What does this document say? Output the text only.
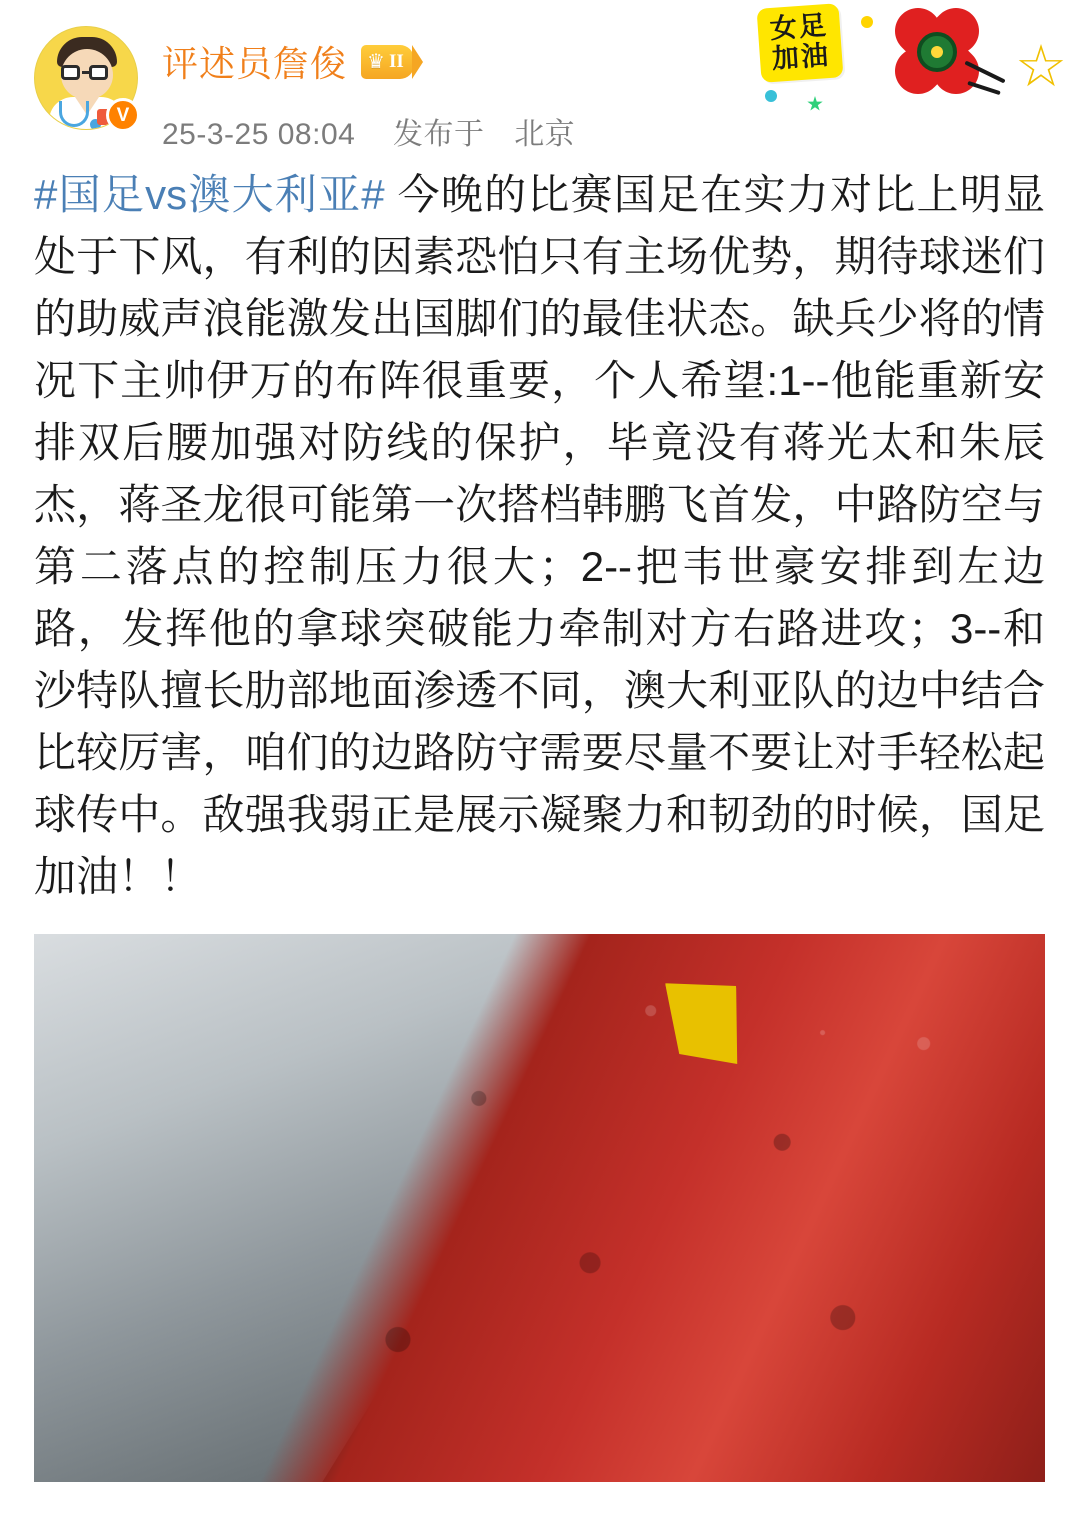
V
评述员詹俊 ♛ II
25-3-25 08:04 发布于 北京
女足
加油	☆
#国足vs澳大利亚# 今晚的比赛国足在实力对比上明显处于下风，有利的因素恐怕只有主场优势，期待球迷们的助威声浪能激发出国脚们的最佳状态。缺兵少将的情况下主帅伊万的布阵很重要，个人希望:1--他能重新安排双后腰加强对防线的保护，毕竟没有蒋光太和朱辰杰，蒋圣龙很可能第一次搭档韩鹏飞首发，中路防空与第二落点的控制压力很大；2--把韦世豪安排到左边路，发挥他的拿球突破能力牵制对方右路进攻；3--和沙特队擅长肋部地面渗透不同，澳大利亚队的边中结合比较厉害，咱们的边路防守需要尽量不要让对手轻松起球传中。敌强我弱正是展示凝聚力和韧劲的时候，国足加油！！
